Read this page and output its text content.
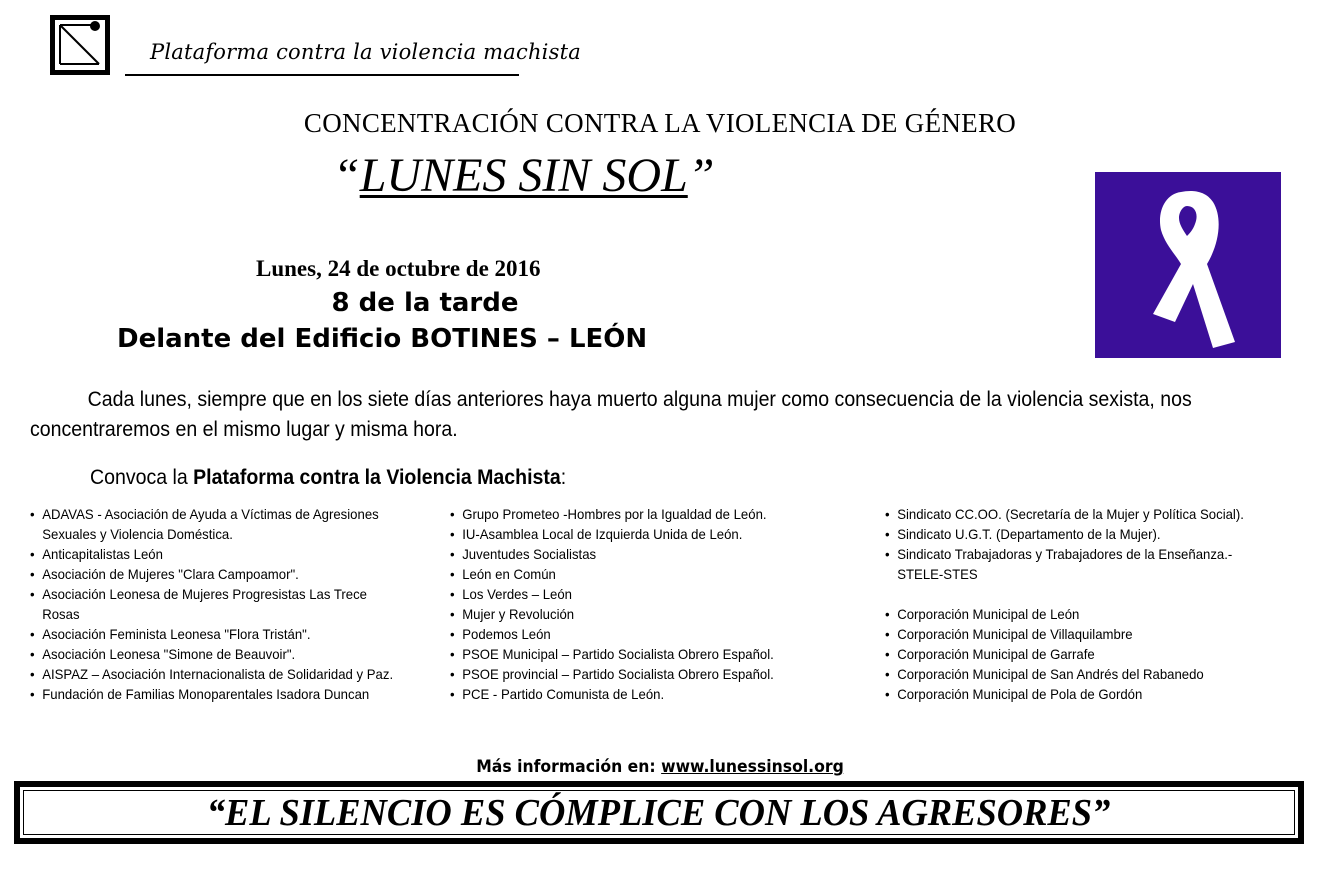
Plataforma contra la violencia machista
CONCENTRACIÓN CONTRA LA VIOLENCIA DE GÉNERO
“LUNES SIN SOL”
Lunes, 24 de octubre de 2016
8 de la tarde
Delante del Edificio BOTINES – LEÓN
Cada lunes, siempre que en los siete días anteriores haya muerto alguna mujer como consecuencia de la violencia sexista, nos concentraremos en el mismo lugar y misma hora.
Convoca la Plataforma contra la Violencia Machista:
• ADAVAS - Asociación de Ayuda a Víctimas de Agresiones Sexuales y Violencia Doméstica.
• Anticapitalistas León
• Asociación de Mujeres "Clara Campoamor".
• Asociación Leonesa de Mujeres Progresistas Las Trece Rosas
• Asociación Feminista Leonesa "Flora Tristán".
• Asociación Leonesa "Simone de Beauvoir".
• AISPAZ – Asociación Internacionalista de Solidaridad y Paz.
• Fundación de Familias Monoparentales Isadora Duncan
• Grupo Prometeo -Hombres por la Igualdad de León.
• IU-Asamblea Local de Izquierda Unida de León.
• Juventudes Socialistas
• León en Común
• Los Verdes – León
• Mujer y Revolución
• Podemos León
• PSOE Municipal – Partido Socialista Obrero Español.
• PSOE provincial – Partido Socialista Obrero Español.
• PCE - Partido Comunista de León.
• Sindicato CC.OO. (Secretaría de la Mujer y Política Social).
• Sindicato U.G.T. (Departamento de la Mujer).
• Sindicato Trabajadoras y Trabajadores de la Enseñanza.- STELE-STES
• Corporación Municipal de León
• Corporación Municipal de Villaquilambre
• Corporación Municipal de Garrafe
• Corporación Municipal de San Andrés del Rabanedo
• Corporación Municipal de Pola de Gordón
Más información en: www.lunessinsol.org
“EL SILENCIO ES CÓMPLICE CON LOS AGRESORES”
